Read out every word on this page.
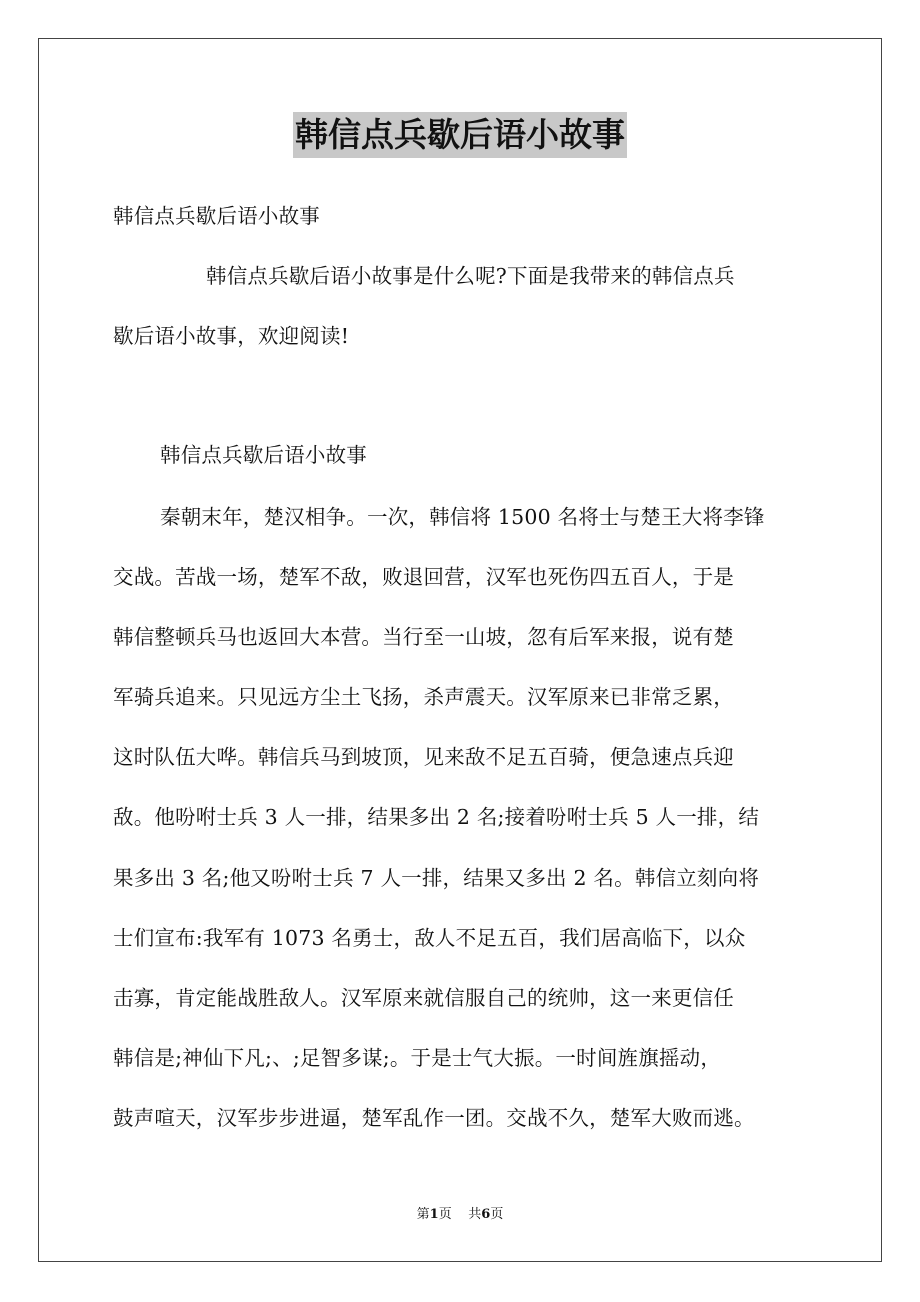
韩信点兵歇后语小故事
韩信点兵歇后语小故事
韩信点兵歇后语小故事是什么呢?下面是我带来的韩信点兵
歇后语小故事，欢迎阅读!
韩信点兵歇后语小故事
秦朝末年，楚汉相争。一次，韩信将 1500 名将士与楚王大将李锋
交战。苦战一场，楚军不敌，败退回营，汉军也死伤四五百人，于是
韩信整顿兵马也返回大本营。当行至一山坡，忽有后军来报，说有楚
军骑兵追来。只见远方尘土飞扬，杀声震天。汉军原来已非常乏累，
这时队伍大哗。韩信兵马到坡顶，见来敌不足五百骑，便急速点兵迎
敌。他吩咐士兵 3 人一排，结果多出 2 名;接着吩咐士兵 5 人一排，结
果多出 3 名;他又吩咐士兵 7 人一排，结果又多出 2 名。韩信立刻向将
士们宣布:我军有 1073 名勇士，敌人不足五百，我们居高临下，以众
击寡，肯定能战胜敌人。汉军原来就信服自己的统帅，这一来更信任
韩信是;神仙下凡;、;足智多谋;。于是士气大振。一时间旌旗摇动，
鼓声喧天，汉军步步进逼，楚军乱作一团。交战不久，楚军大败而逃。
第1页 共6页
